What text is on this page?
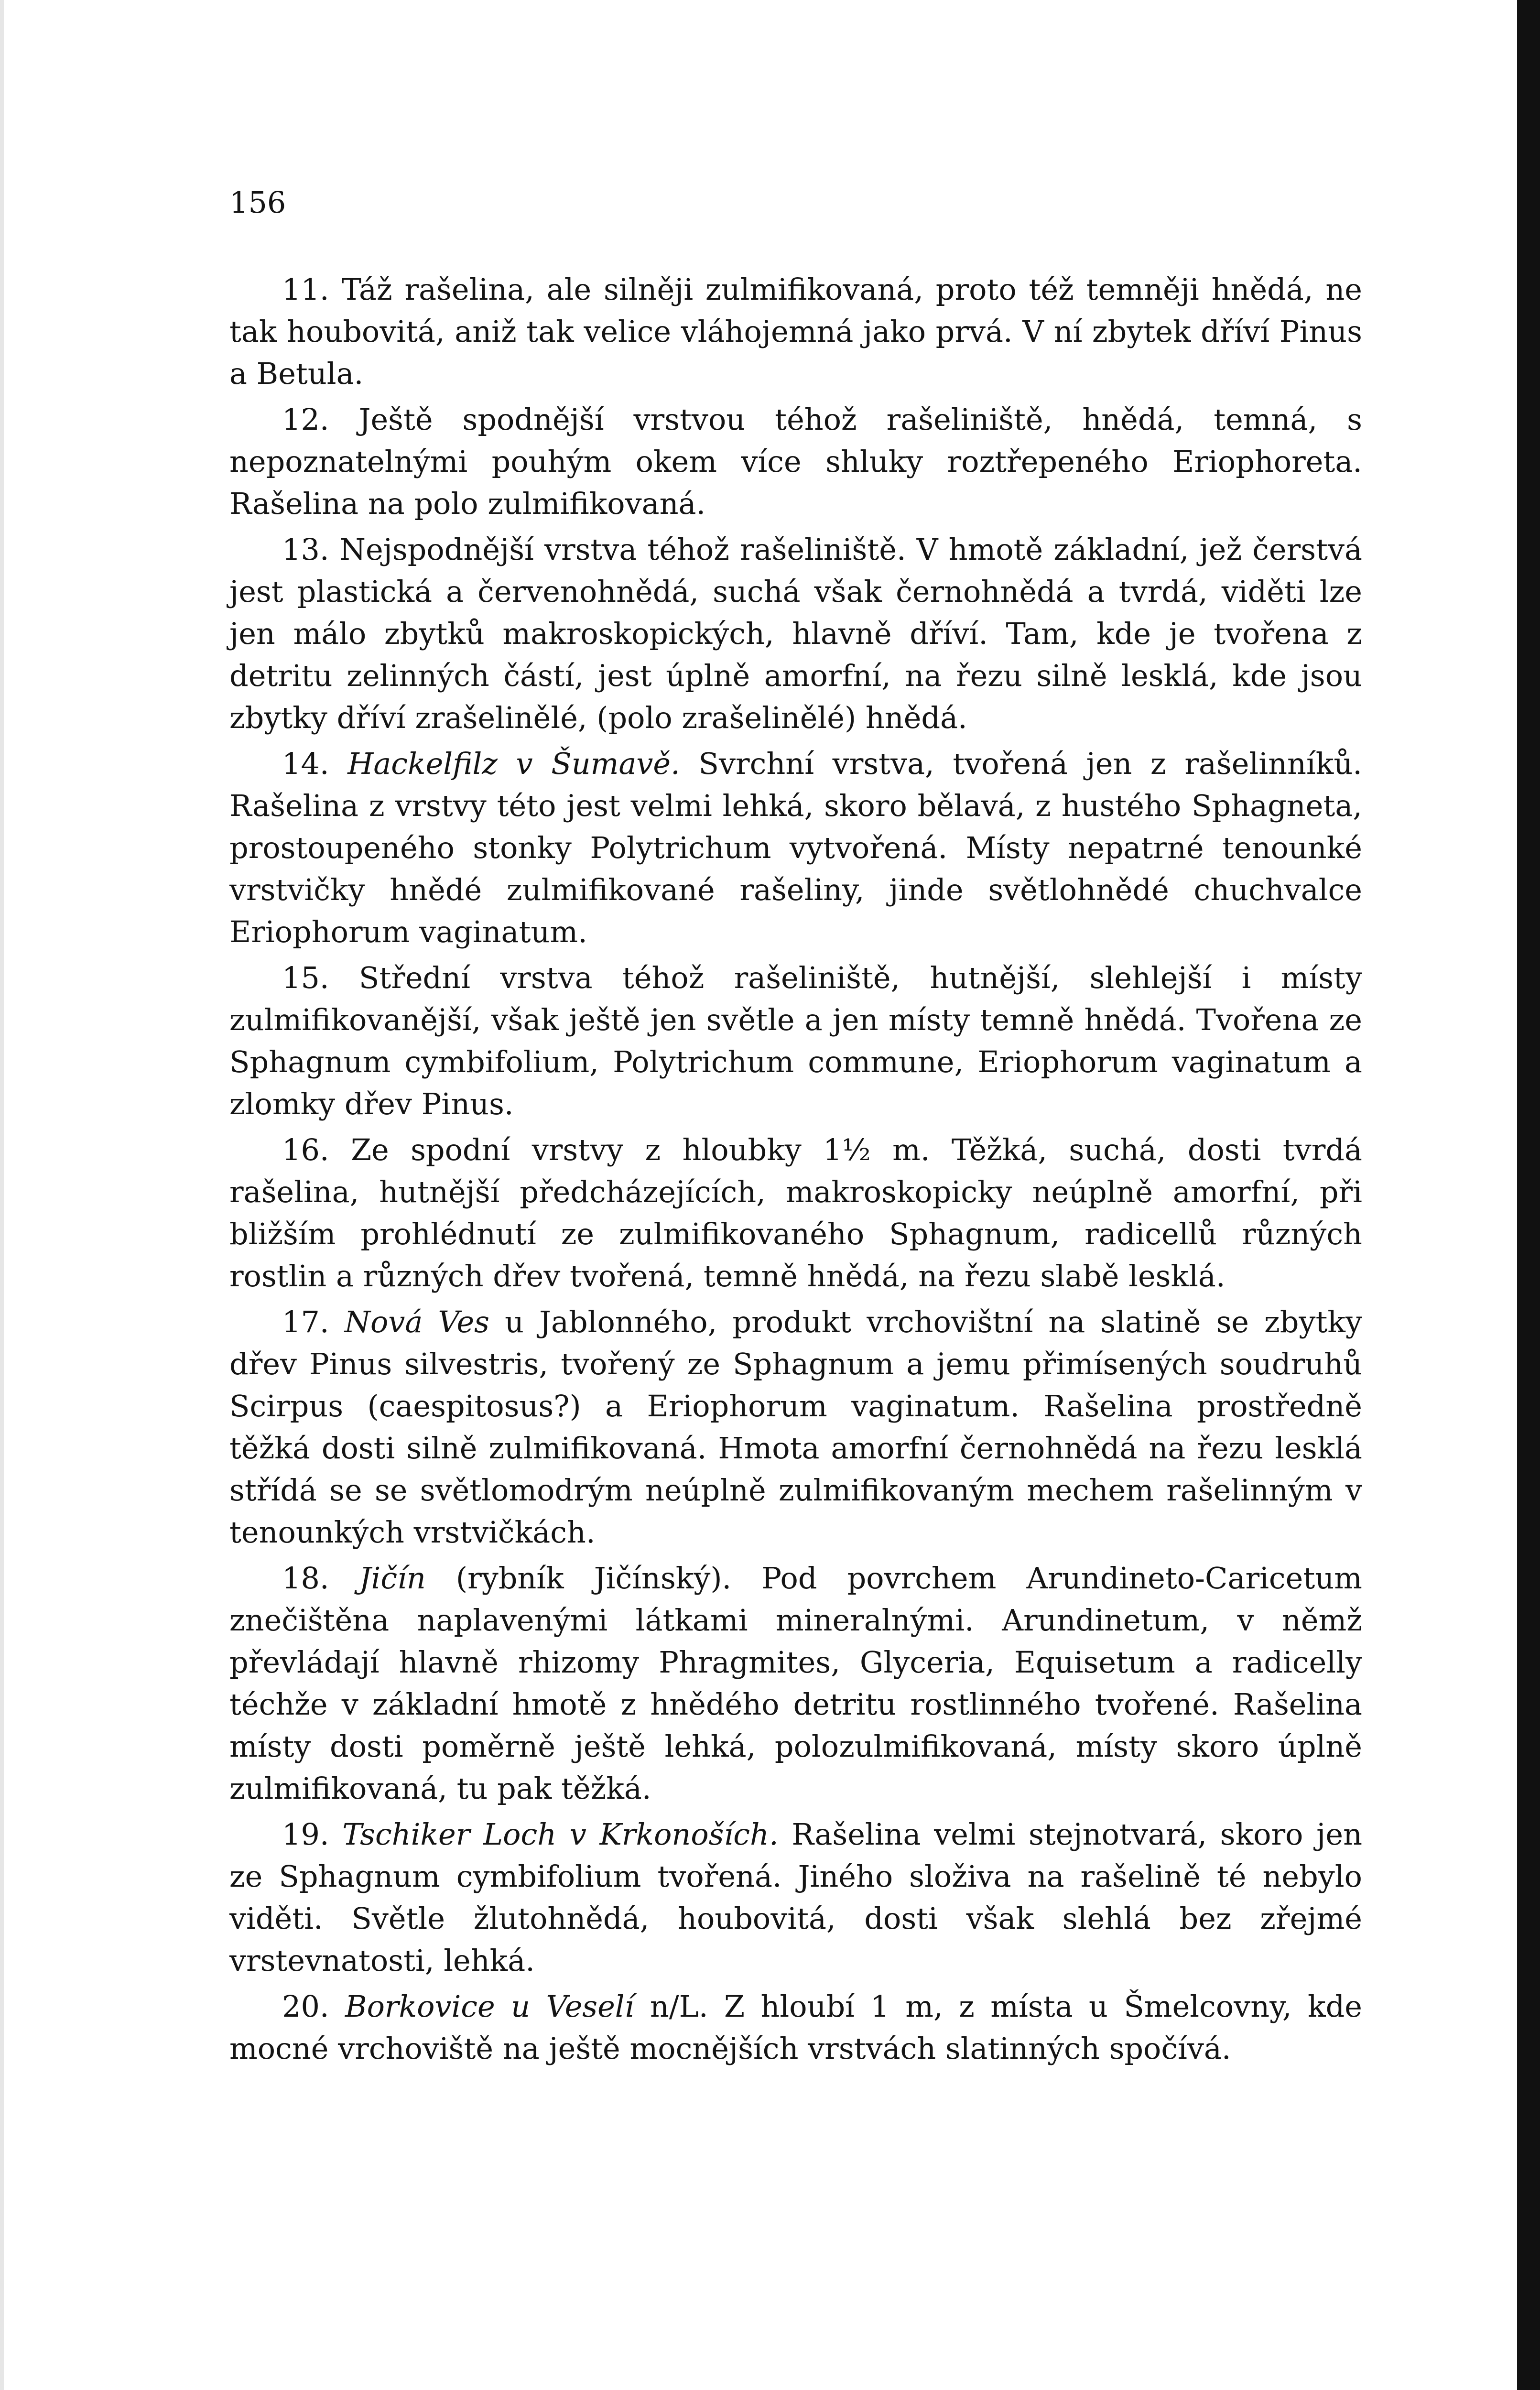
156

11. Táž rašelina, ale silněji zulmifikovaná, proto též temněji hnědá, ne tak houbovitá, aniž tak velice vláhojemná jako prvá. V ní zbytek dříví Pinus a Betula.

12. Ještě spodnější vrstvou téhož rašeliniště, hnědá, temná, s nepoznatelnými pouhým okem více shluky roztřepeného Eriophoreta. Rašelina na polo zulmifikovaná.

13. Nejspodnější vrstva téhož rašeliniště. V hmotě základní, jež čerstvá jest plastická a červenohnědá, suchá však černohnědá a tvrdá, viděti lze jen málo zbytků makroskopických, hlavně dříví. Tam, kde je tvořena z detritu zelinných částí, jest úplně amorfní, na řezu silně lesklá, kde jsou zbytky dříví zrašelinělé, (polo zrašelinělé) hnědá.

14. Hackelfilz v Šumavě. Svrchní vrstva, tvořená jen z rašelinníků. Rašelina z vrstvy této jest velmi lehká, skoro bělavá, z hustého Sphagneta, prostoupeného stonky Polytrichum vytvořená. Místy nepatrné tenounké vrstvičky hnědé zulmifikované rašeliny, jinde světlohnědé chuchvalce Eriophorum vaginatum.

15. Střední vrstva téhož rašeliniště, hutnější, slehlejší i místy zulmifikovanější, však ještě jen světle a jen místy temně hnědá. Tvořena ze Sphagnum cymbifolium, Polytrichum commune, Eriophorum vaginatum a zlomky dřev Pinus.

16. Ze spodní vrstvy z hloubky 1½ m. Těžká, suchá, dosti tvrdá rašelina, hutnější předcházejících, makroskopicky neúplně amorfní, při bližším prohlédnutí ze zulmifikovaného Sphagnum, radicellů různých rostlin a různých dřev tvořená, temně hnědá, na řezu slabě lesklá.

17. Nová Ves u Jablonného, produkt vrchovištní na slatině se zbytky dřev Pinus silvestris, tvořený ze Sphagnum a jemu přimísených soudruhů Scirpus (caespitosus?) a Eriophorum vaginatum. Rašelina prostředně těžká dosti silně zulmifikovaná. Hmota amorfní černohnědá na řezu lesklá střídá se se světlomodrým neúplně zulmifikovaným mechem rašelinným v tenounkých vrstvičkách.

18. Jičín (rybník Jičínský). Pod povrchem Arundineto-Caricetum znečištěna naplavenými látkami mineralnými. Arundinetum, v němž převládají hlavně rhizomy Phragmites, Glyceria, Equisetum a radicelly téchže v základní hmotě z hnědého detritu rostlinného tvořené. Rašelina místy dosti poměrně ještě lehká, polozulmifikovaná, místy skoro úplně zulmifikovaná, tu pak těžká.

19. Tschiker Loch v Krkonoších. Rašelina velmi stejnotvará, skoro jen ze Sphagnum cymbifolium tvořená. Jiného složiva na rašelině té nebylo viděti. Světle žlutohnědá, houbovitá, dosti však slehlá bez zřejmé vrstevnatosti, lehká.

20. Borkovice u Veselí n/L. Z hloubí 1 m, z místa u Šmelcovny, kde mocné vrchoviště na ještě mocnějších vrstvách slatinných spočívá.
